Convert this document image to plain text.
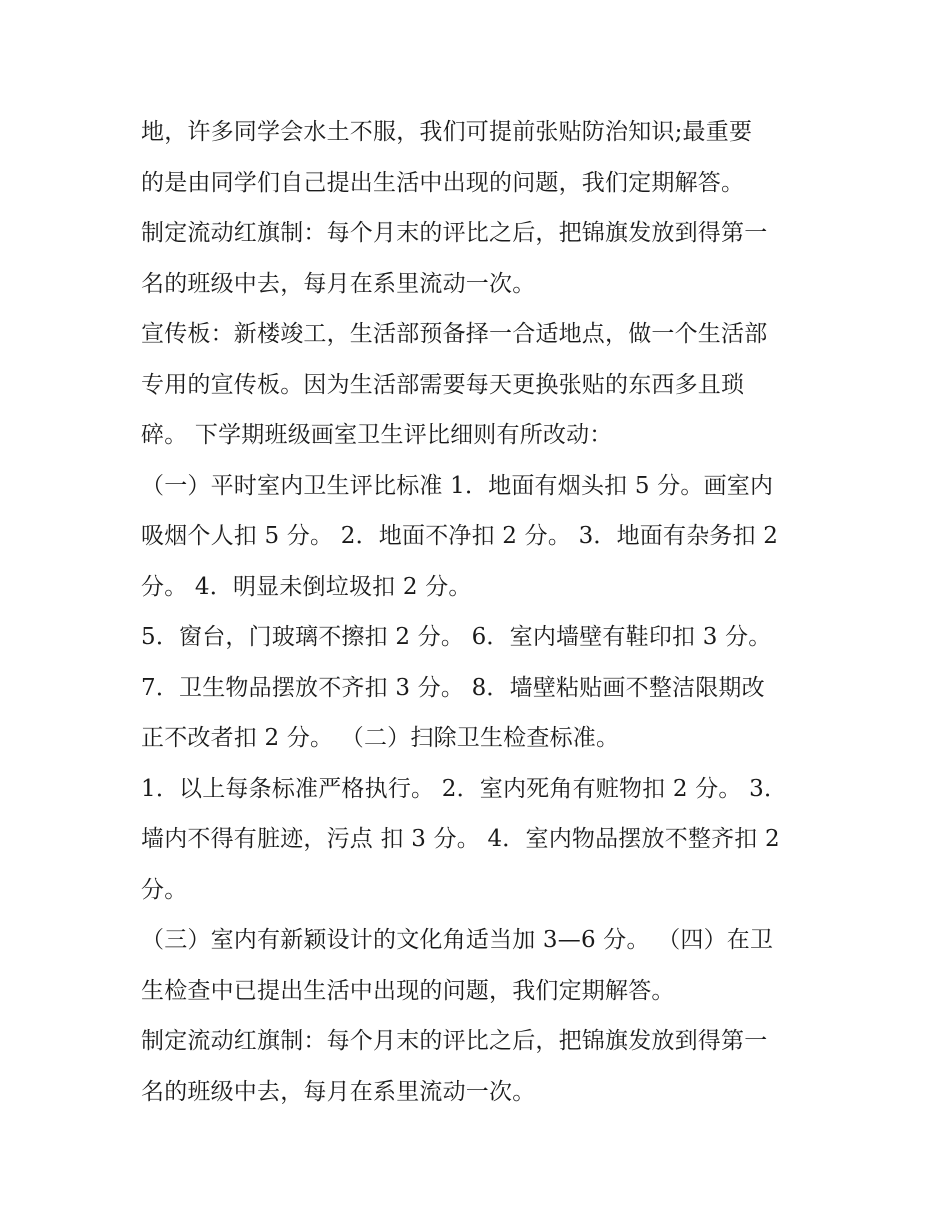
地，许多同学会水土不服，我们可提前张贴防治知识;最重要
的是由同学们自己提出生活中出现的问题，我们定期解答。
制定流动红旗制：每个月末的评比之后，把锦旗发放到得第一
名的班级中去，每月在系里流动一次。
宣传板：新楼竣工，生活部预备择一合适地点，做一个生活部
专用的宣传板。因为生活部需要每天更换张贴的东西多且琐
碎。 下学期班级画室卫生评比细则有所改动：
（一）平时室内卫生评比标准 1．地面有烟头扣 5 分。画室内
吸烟个人扣 5 分。 2．地面不净扣 2 分。 3．地面有杂务扣 2
分。 4．明显未倒垃圾扣 2 分。
5．窗台，门玻璃不擦扣 2 分。 6．室内墙壁有鞋印扣 3 分。
7．卫生物品摆放不齐扣 3 分。 8．墙壁粘贴画不整洁限期改
正不改者扣 2 分。 （二）扫除卫生检查标准。
1．以上每条标准严格执行。 2．室内死角有赃物扣 2 分。 3．
墙内不得有脏迹，污点 扣 3 分。 4．室内物品摆放不整齐扣 2
分。
（三）室内有新颖设计的文化角适当加 3—6 分。 （四）在卫
生检查中已提出生活中出现的问题，我们定期解答。
制定流动红旗制：每个月末的评比之后，把锦旗发放到得第一
名的班级中去，每月在系里流动一次。
